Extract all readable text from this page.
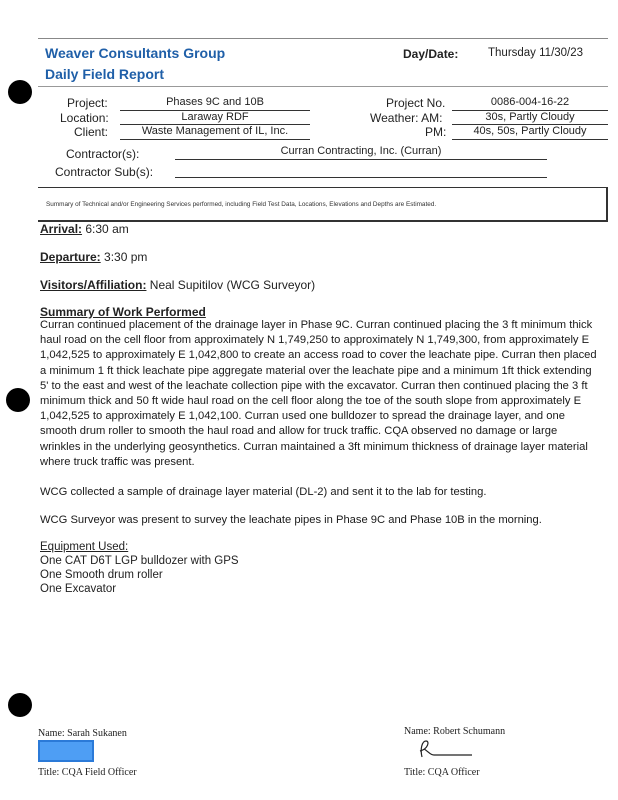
Weaver Consultants Group
Daily Field Report
Day/Date:	Thursday 11/30/23
Project:	Phases 9C and 10B
Location:	Laraway RDF
Client:	Waste Management of IL, Inc.
Project No.	0086-004-16-22
Weather: AM:	30s, Partly Cloudy
PM:	40s, 50s, Partly Cloudy
Contractor(s):	Curran Contracting, Inc. (Curran)
Contractor Sub(s):
Summary of Technical and/or Engineering Services performed, including Field Test Data, Locations, Elevations and Depths are Estimated.
Arrival: 6:30 am
Departure: 3:30 pm
Visitors/Affiliation: Neal Supitilov (WCG Surveyor)
Summary of Work Performed
Curran continued placement of the drainage layer in Phase 9C. Curran continued placing the 3 ft minimum thick haul road on the cell floor from approximately N 1,749,250 to approximately N 1,749,300, from approximately E 1,042,525 to approximately E 1,042,800 to create an access road to cover the leachate pipe. Curran then placed a minimum 1 ft thick leachate pipe aggregate material over the leachate pipe and a minimum 1ft thick extending 5' to the east and west of the leachate collection pipe with the excavator. Curran then continued placing the 3 ft minimum thick and 50 ft wide haul road on the cell floor along the toe of the south slope from approximately E 1,042,525 to approximately E 1,042,100. Curran used one bulldozer to spread the drainage layer, and one smooth drum roller to smooth the haul road and allow for truck traffic. CQA observed no damage or large wrinkles in the underlying geosynthetics. Curran maintained a 3ft minimum thickness of drainage layer material where truck traffic was present.
WCG collected a sample of drainage layer material (DL-2) and sent it to the lab for testing.
WCG Surveyor was present to survey the leachate pipes in Phase 9C and Phase 10B in the morning.
Equipment Used:
One CAT D6T LGP bulldozer with GPS
One Smooth drum roller
One Excavator
Name: Sarah Sukanen
Title: CQA Field Officer
Name: Robert Schumann
Title: CQA Officer
